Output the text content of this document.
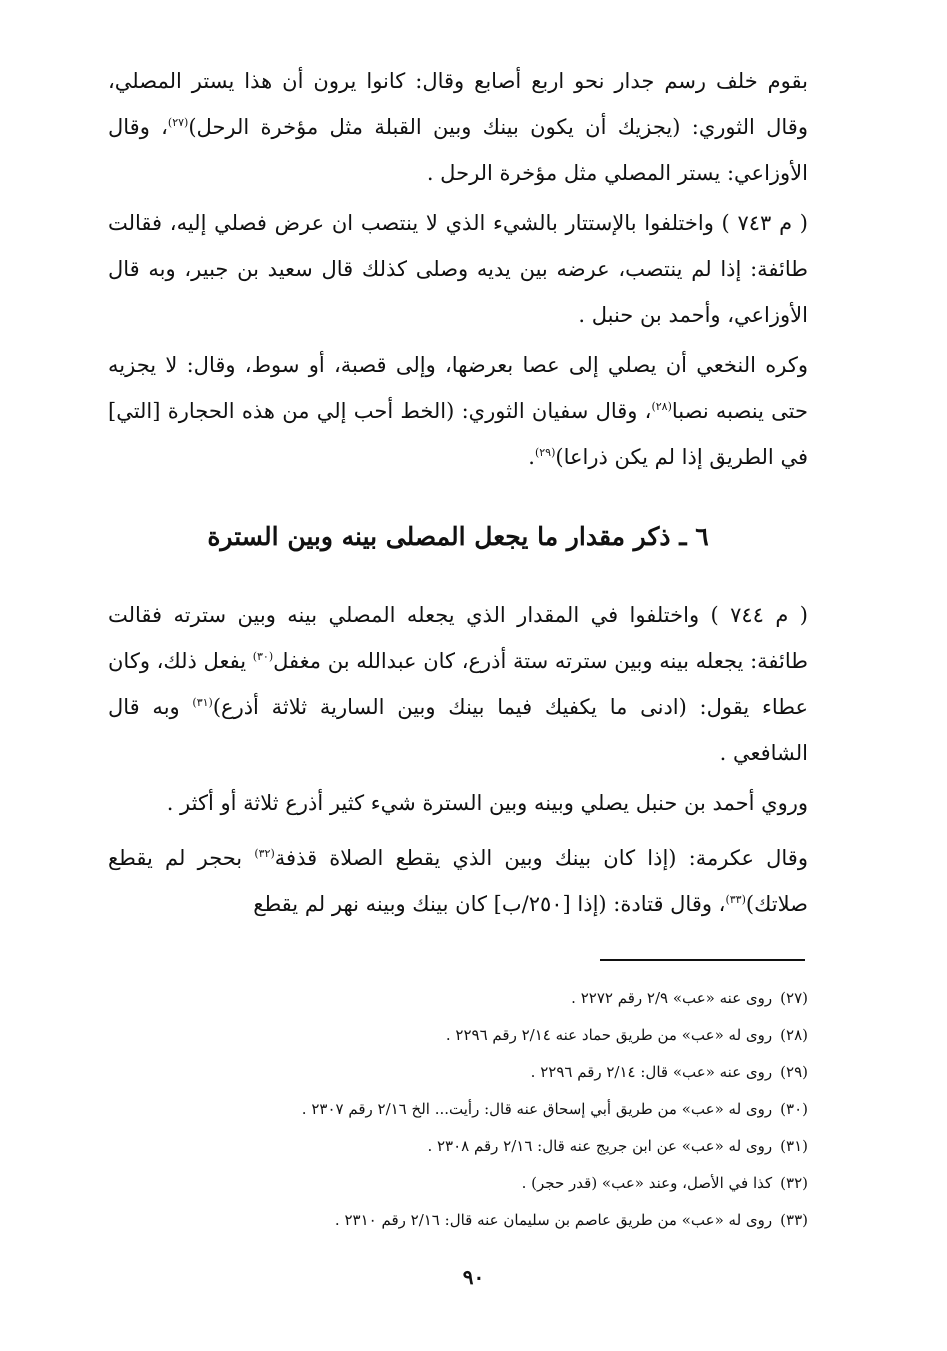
بقوم خلف رسم جدار نحو اربع أصابع وقال: كانوا يرون أن هذا يستر المصلي، وقال الثوري: (يجزيك أن يكون بينك وبين القبلة مثل مؤخرة الرحل)$^{(٢٧)}$، وقال الأوزاعي: يستر المصلي مثل مؤخرة الرحل .

( م ٧٤٣ ) واختلفوا بالإستتار بالشيء الذي لا ينتصب ان عرض فصلي إليه، فقالت طائفة: إذا لم ينتصب، عرضه بين يديه وصلى كذلك قال سعيد بن جبير، وبه قال الأوزاعي، وأحمد بن حنبل .

وكره النخعي أن يصلي إلى عصا بعرضها، وإلى قصبة، أو سوط، وقال: لا يجزيه حتى ينصبه نصبا$^{(٢٨)}$، وقال سفيان الثوري: (الخط أحب إلي من هذه الحجارة [التي] في الطريق إذا لم يكن ذراعا)$^{(٢٩)}$.

٦ ـ ذكر مقدار ما يجعل المصلى بينه وبين السترة

( م ٧٤٤ ) واختلفوا في المقدار الذي يجعله المصلي بينه وبين سترته فقالت طائفة: يجعله بينه وبين سترته ستة أذرع، كان عبدالله بن مغفل$^{(٣٠)}$ يفعل ذلك، وكان عطاء يقول: (ادنى ما يكفيك فيما بينك وبين السارية ثلاثة أذرع)$^{(٣١)}$ وبه قال الشافعي .

وروي أحمد بن حنبل يصلي وبينه وبين السترة شيء كثير أذرع ثلاثة أو أكثر .

وقال عكرمة: (إذا كان بينك وبين الذي يقطع الصلاة قذفة$^{(٣٢)}$ بحجر لم يقطع صلاتك)$^{(٣٣)}$، وقال قتادة: (إذا [٢٥٠/ب] كان بينك وبينه نهر لم يقطع

(٢٧)روى عنه «عب» ٢/٩ رقم ٢٢٧٢ .
(٢٨)روى له «عب» من طريق حماد عنه ٢/١٤ رقم ٢٢٩٦ .
(٢٩)روى عنه «عب» قال: ٢/١٤ رقم ٢٢٩٦ .
(٣٠)روى له «عب» من طريق أبي إسحاق عنه قال: رأيت... الخ ٢/١٦ رقم ٢٣٠٧ .
(٣١)روى له «عب» عن ابن جريج عنه قال: ٢/١٦ رقم ٢٣٠٨ .
(٣٢)كذا في الأصل، وعند «عب» (قدر حجر) .
(٣٣)روى له «عب» من طريق عاصم بن سليمان عنه قال: ٢/١٦ رقم ٢٣١٠ .
٩٠
